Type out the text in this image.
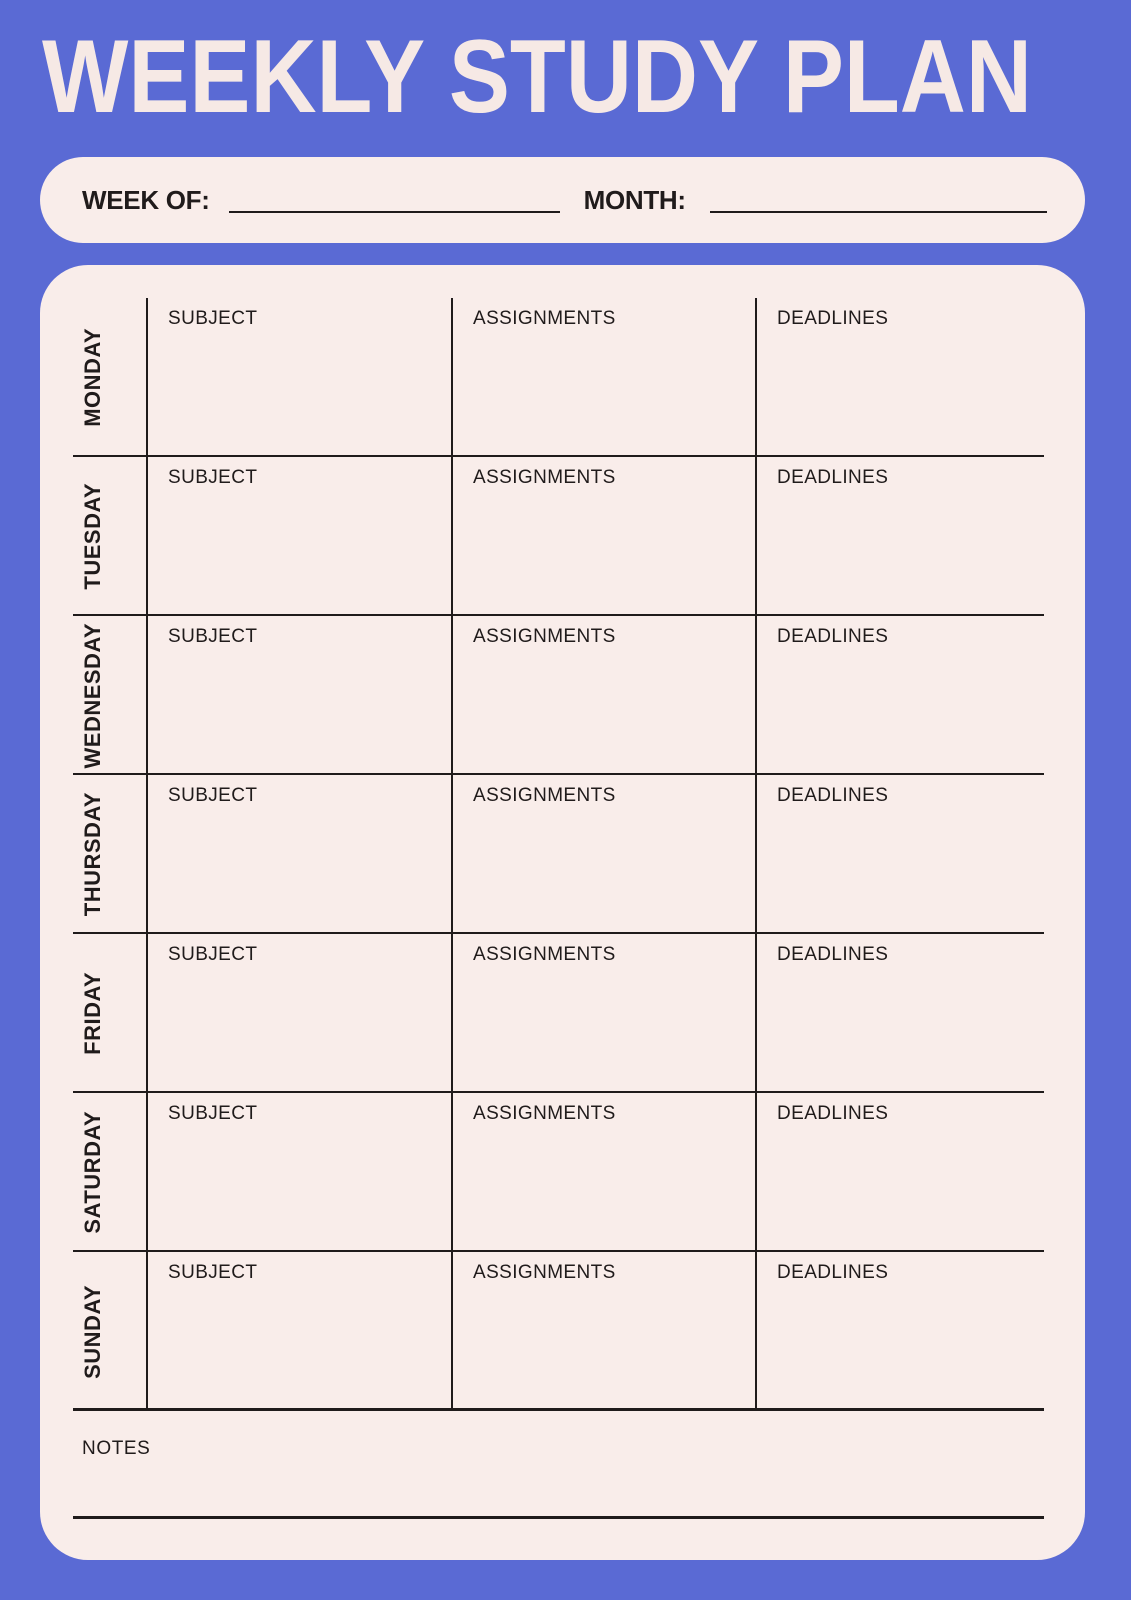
WEEKLY STUDY PLAN
WEEK OF:	MONTH:
MONDAY
SUBJECT	ASSIGNMENTS	DEADLINES
TUESDAY
SUBJECT	ASSIGNMENTS	DEADLINES
WEDNESDAY	SUBJECT	ASSIGNMENTS	DEADLINES
THURSDAY	SUBJECT	ASSIGNMENTS	DEADLINES
FRIDAY
SUBJECT	ASSIGNMENTS	DEADLINES
SATURDAY	SUBJECT	ASSIGNMENTS	DEADLINES
SUNDAY
SUBJECT	ASSIGNMENTS	DEADLINES
NOTES
